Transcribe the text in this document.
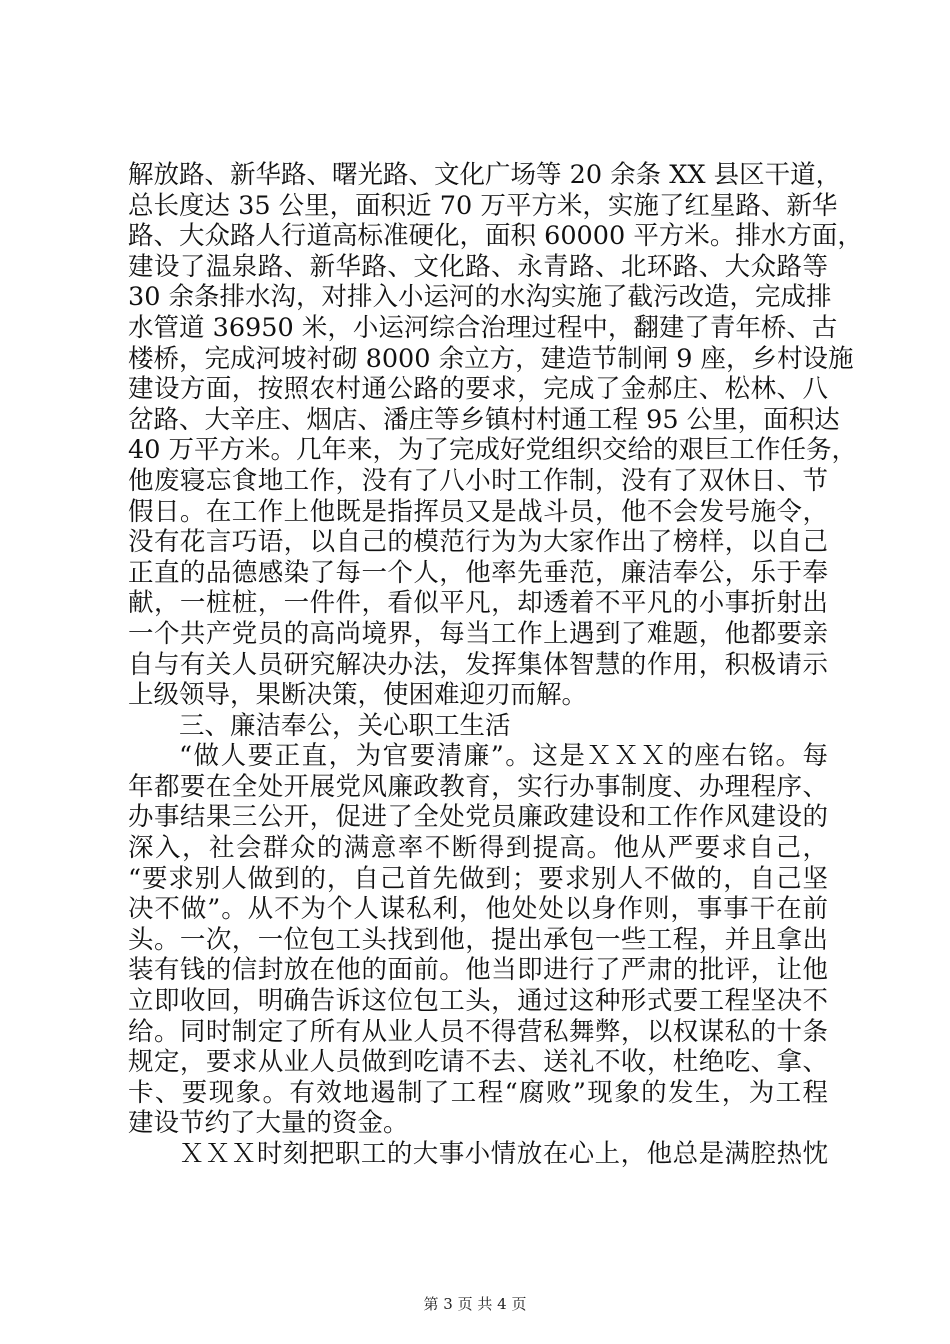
解放路、新华路、曙光路、文化广场等 20 余条 XX 县区干道，
总长度达 35 公里，面积近 70 万平方米，实施了红星路、新华
路、大众路人行道高标准硬化，面积 60000 平方米。排水方面，
建设了温泉路、新华路、文化路、永青路、北环路、大众路等
30 余条排水沟，对排入小运河的水沟实施了截污改造，完成排
水管道 36950 米，小运河综合治理过程中，翻建了青年桥、古
楼桥，完成河坡衬砌 8000 余立方，建造节制闸 9 座，乡村设施
建设方面，按照农村通公路的要求，完成了金郝庄、松林、八
岔路、大辛庄、烟店、潘庄等乡镇村村通工程 95 公里，面积达
40 万平方米。几年来，为了完成好党组织交给的艰巨工作任务，
他废寝忘食地工作，没有了八小时工作制，没有了双休日、节
假日。在工作上他既是指挥员又是战斗员，他不会发号施令，
没有花言巧语，以自己的模范行为为大家作出了榜样，以自己
正直的品德感染了每一个人，他率先垂范，廉洁奉公，乐于奉
献，一桩桩，一件件，看似平凡，却透着不平凡的小事折射出
一个共产党员的高尚境界，每当工作上遇到了难题，他都要亲
自与有关人员研究解决办法，发挥集体智慧的作用，积极请示
上级领导，果断决策，使困难迎刃而解。
三、廉洁奉公，关心职工生活
“做人要正直，为官要清廉”。这是ＸＸＸ的座右铭。每
年都要在全处开展党风廉政教育，实行办事制度、办理程序、
办事结果三公开，促进了全处党员廉政建设和工作作风建设的
深入，社会群众的满意率不断得到提高。他从严要求自己，
“要求别人做到的，自己首先做到；要求别人不做的，自己坚
决不做”。从不为个人谋私利，他处处以身作则，事事干在前
头。一次，一位包工头找到他，提出承包一些工程，并且拿出
装有钱的信封放在他的面前。他当即进行了严肃的批评，让他
立即收回，明确告诉这位包工头，通过这种形式要工程坚决不
给。同时制定了所有从业人员不得营私舞弊，以权谋私的十条
规定，要求从业人员做到吃请不去、送礼不收，杜绝吃、拿、
卡、要现象。有效地遏制了工程“腐败”现象的发生，为工程
建设节约了大量的资金。
ＸＸＸ时刻把职工的大事小情放在心上，他总是满腔热忱
第 3 页 共 4 页
